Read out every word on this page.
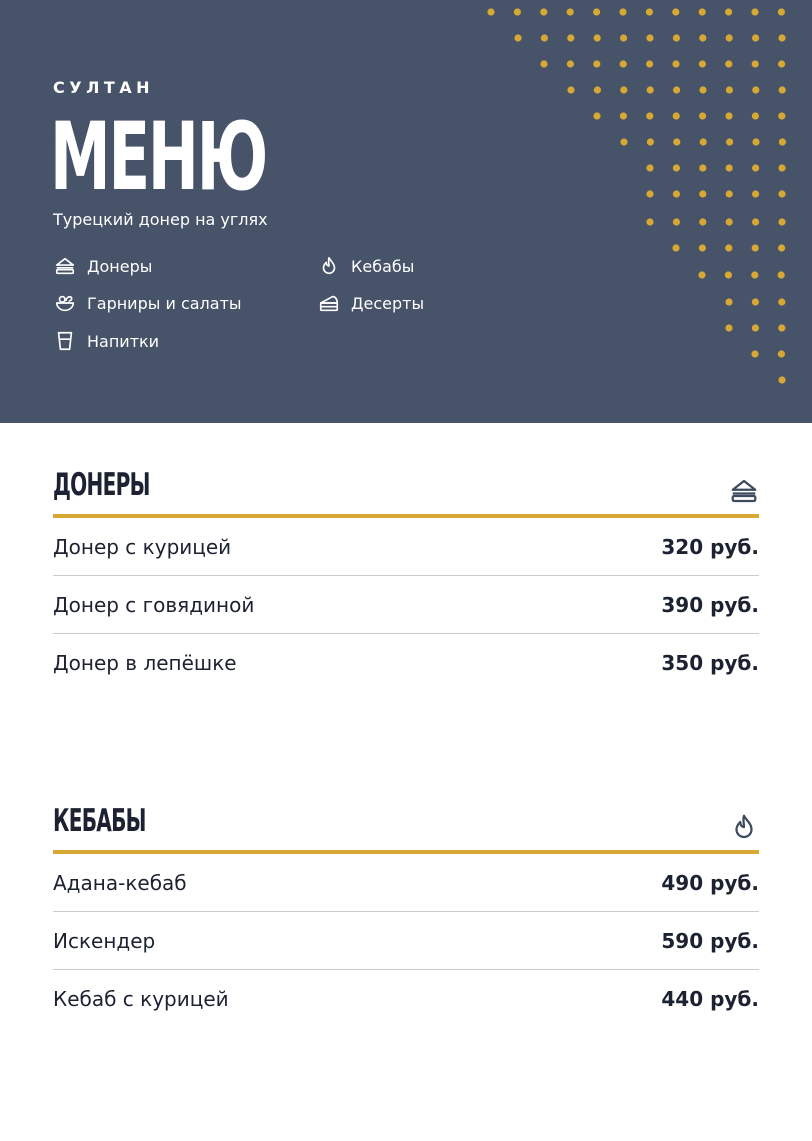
СУЛТАН
МЕНЮ
Турецкий донер на углях
Донеры	Кебабы
Гарниры и салаты	Десерты
Напитки
ДОНЕРЫ
Донер с курицей	320 руб.
Донер с говядиной	390 руб.
Донер в лепёшке	350 руб.
КЕБАБЫ
Адана-кебаб	490 руб.
Искендер	590 руб.
Кебаб с курицей	440 руб.
